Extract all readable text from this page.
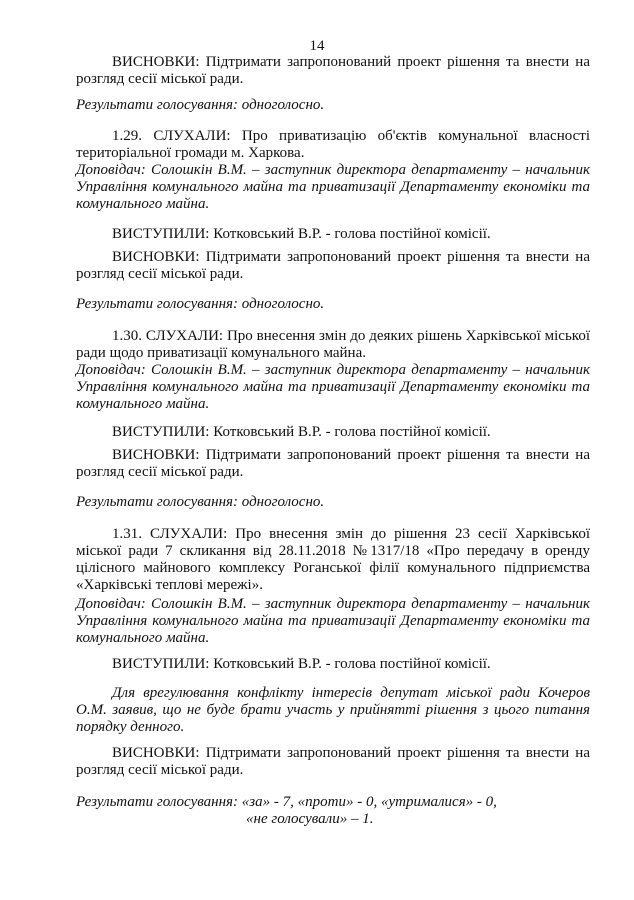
14

ВИСНОВКИ: Підтримати запропонований проект рішення та внести на розгляд сесії міської ради.

Результати голосування: одноголосно.

1.29. СЛУХАЛИ: Про приватизацію об'єктів комунальної власності територіальної громади м. Харкова.

Доповідач: Солошкін В.М. – заступник директора департаменту – начальник Управління комунального майна та приватизації Департаменту економіки та комунального майна.

ВИСТУПИЛИ: Котковський В.Р. - голова постійної комісії.

ВИСНОВКИ: Підтримати запропонований проект рішення та внести на розгляд сесії міської ради.

Результати голосування: одноголосно.

1.30. СЛУХАЛИ: Про внесення змін до деяких рішень Харківської міської ради щодо приватизації комунального майна.

Доповідач: Солошкін В.М. – заступник директора департаменту – начальник Управління комунального майна та приватизації Департаменту економіки та комунального майна.

ВИСТУПИЛИ: Котковський В.Р. - голова постійної комісії.

ВИСНОВКИ: Підтримати запропонований проект рішення та внести на розгляд сесії міської ради.

Результати голосування: одноголосно.

1.31. СЛУХАЛИ: Про внесення змін до рішення 23 сесії Харківської міської ради 7 скликання від 28.11.2018 №1317/18 «Про передачу в оренду цілісного майнового комплексу Роганської філії комунального підприємства «Харківські теплові мережі».

Доповідач: Солошкін В.М. – заступник директора департаменту – начальник Управління комунального майна та приватизації Департаменту економіки та комунального майна.

ВИСТУПИЛИ: Котковський В.Р. - голова постійної комісії.

Для врегулювання конфлікту інтересів депутат міської ради Кочеров О.М. заявив, що не буде брати участь у прийнятті рішення з цього питання порядку денного.

ВИСНОВКИ: Підтримати запропонований проект рішення та внести на розгляд сесії міської ради.

Результати голосування: «за» - 7, «проти» - 0, «утрималися» - 0,

«не голосували» – 1.
